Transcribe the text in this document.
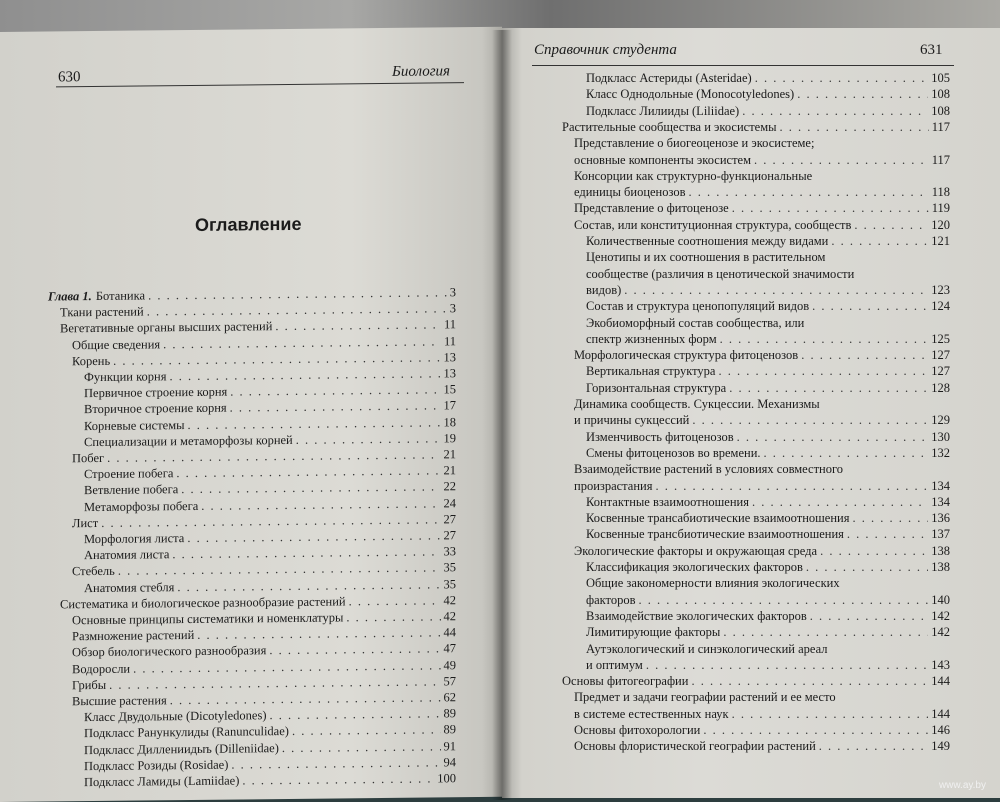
630	Биология
Оглавление
Глава 1. Ботаника . . .	3
Ткани растений . . .	3
Вегетативные органы высших растений . . .	11
Общие сведения . . .	11
Корень . . .	13
Функции корня . . .	13
Первичное строение корня . . .	15
Вторичное строение корня . . .	17
Корневые системы . . .	18
Специализации и метаморфозы корней . . .	19
Побег . . .	21
Строение побега . . .	21
Ветвление побега . . .	22
Метаморфозы побега . . .	24
Лист . . .	27
Морфология листа . . .	27
Анатомия листа . . .	33
Стебель . . .	35
Анатомия стебля . . .	35
Систематика и биологическое разнообразие растений . . .	42
Основные принципы систематики и номенклатуры . . .	42
Размножение растений . . .	44
Обзор биологического разнообразия . . .	47
Водоросли . . .	49
Грибы . . .	57
Высшие растения . . .	62
Класс Двудольные (Dicotyledones) . . .	89
Подкласс Ранункулиды (Ranunculidae) . . .	89
Подкласс Диллениидыъ (Dilleniidae) . . .	91
Подкласс Розиды (Rosidae) . . .	94
Подкласс Ламиды (Lamiidae) . . .	100
Справочник студента	631
Подкласс Астериды (Asteridae) . . .	105
Класс Однодольные (Monocotyledones) . . .	108
Подкласс Лилииды (Liliidae) . . .	108
Растительные сообщества и экосистемы . . .	117
Представление о биогеоценозе и экосистеме;
основные компоненты экосистем . . .	117
Консорции как структурно-функциональные
единицы биоценозов . . .	118
Представление о фитоценозе . . .	119
Состав, или конституционная структура, сообществ . . .	120
Количественные соотношения между видами . . .	121
Ценотипы и их соотношения в растительном
сообществе (различия в ценотической значимости
видов) . . .	123
Состав и структура ценопопуляций видов . . .	124
Экобиоморфный состав сообщества, или
спектр жизненных форм . . .	125
Морфологическая структура фитоценозов . . .	127
Вертикальная структура . . .	127
Горизонтальная структура . . .	128
Динамика сообществ. Сукцессии. Механизмы
и причины сукцессий . . .	129
Изменчивость фитоценозов . . .	130
Смены фитоценозов во времени. . . .	132
Взаимодействие растений в условиях совместного
произрастания . . .	134
Контактные взаимоотношения . . .	134
Косвенные трансабиотические взаимоотношения . . .	136
Косвенные трансбиотические взаимоотношения . . .	137
Экологические факторы и окружающая среда . . .	138
Классификация экологических факторов . . .	138
Общие закономерности влияния экологических
факторов . . .	140
Взаимодействие экологических факторов . . .	142
Лимитирующие факторы . . .	142
Аутэкологический и синэкологический ареал
и оптимум . . .	143
Основы фитогеографии . . .	144
Предмет и задачи географии растений и ее место
в системе естественных наук . . .	144
Основы фитохорологии . . .	146
Основы флористической географии растений . . .	149
www.ay.by
